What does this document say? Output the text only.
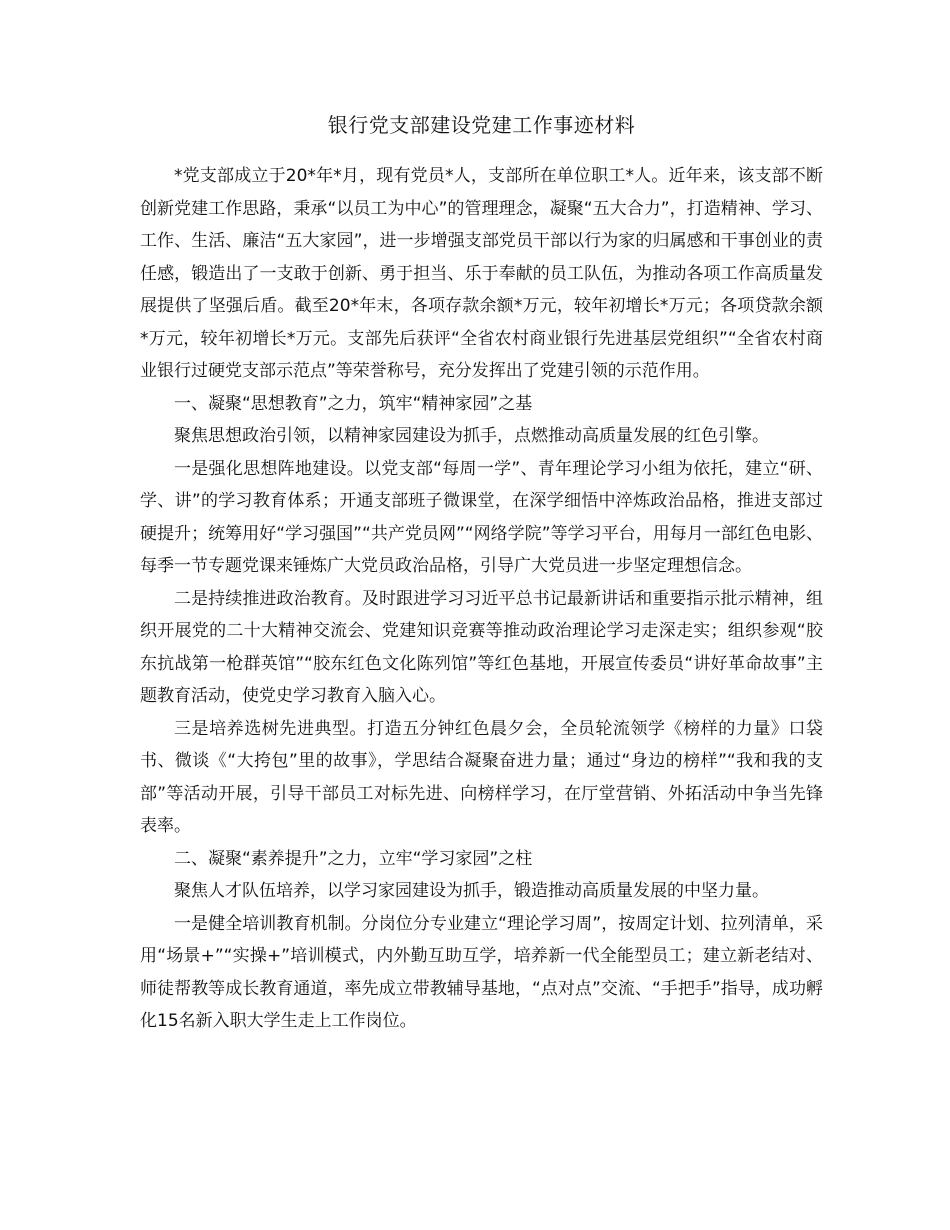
银行党支部建设党建工作事迹材料

*党支部成立于20*年*月，现有党员*人，支部所在单位职工*人。近年来，该支部不断创新党建工作思路，秉承“以员工为中心”的管理理念，凝聚“五大合力”，打造精神、学习、工作、生活、廉洁“五大家园”，进一步增强支部党员干部以行为家的归属感和干事创业的责任感，锻造出了一支敢于创新、勇于担当、乐于奉献的员工队伍，为推动各项工作高质量发展提供了坚强后盾。截至20*年末，各项存款余额*万元，较年初增长*万元；各项贷款余额*万元，较年初增长*万元。支部先后获评“全省农村商业银行先进基层党组织”“全省农村商业银行过硬党支部示范点”等荣誉称号，充分发挥出了党建引领的示范作用。

一、凝聚“思想教育”之力，筑牢“精神家园”之基

聚焦思想政治引领，以精神家园建设为抓手，点燃推动高质量发展的红色引擎。

一是强化思想阵地建设。以党支部“每周一学”、青年理论学习小组为依托，建立“研、学、讲”的学习教育体系；开通支部班子微课堂，在深学细悟中淬炼政治品格，推进支部过硬提升；统筹用好“学习强国”“共产党员网”“网络学院”等学习平台，用每月一部红色电影、每季一节专题党课来锤炼广大党员政治品格，引导广大党员进一步坚定理想信念。

二是持续推进政治教育。及时跟进学习习近平总书记最新讲话和重要指示批示精神，组织开展党的二十大精神交流会、党建知识竞赛等推动政治理论学习走深走实；组织参观“胶东抗战第一枪群英馆”“胶东红色文化陈列馆”等红色基地，开展宣传委员“讲好革命故事”主题教育活动，使党史学习教育入脑入心。

三是培养选树先进典型。打造五分钟红色晨夕会，全员轮流领学《榜样的力量》口袋书、微谈《“大挎包”里的故事》，学思结合凝聚奋进力量；通过“身边的榜样”“我和我的支部”等活动开展，引导干部员工对标先进、向榜样学习，在厅堂营销、外拓活动中争当先锋表率。

二、凝聚“素养提升”之力，立牢“学习家园”之柱

聚焦人才队伍培养，以学习家园建设为抓手，锻造推动高质量发展的中坚力量。

一是健全培训教育机制。分岗位分专业建立“理论学习周”，按周定计划、拉列清单，采用“场景+”“实操+”培训模式，内外勤互助互学，培养新一代全能型员工；建立新老结对、师徒帮教等成长教育通道，率先成立带教辅导基地，“点对点”交流、“手把手”指导，成功孵化15名新入职大学生走上工作岗位。
